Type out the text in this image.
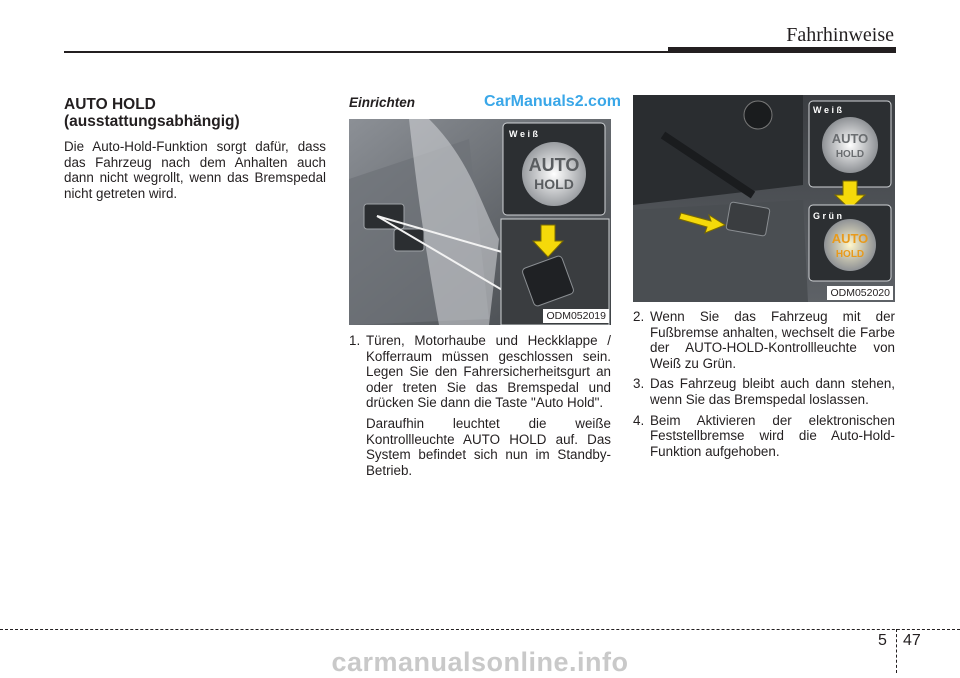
Fahrhinweise
AUTO HOLD
(ausstattungsabhängig)

Die Auto-Hold-Funktion sorgt dafür, dass das Fahrzeug nach dem Anhalten auch dann nicht wegrollt, wenn das Bremspedal nicht getreten wird.

Einrichten	CarManuals2.com
AUTO
HOLD
W e i ß
ODM052019
AUTO
HOLD
W e i ß
AUTO
HOLD
G r ü n
ODM052020
1. Türen, Motorhaube und Heckklappe / Kofferraum müssen geschlossen sein. Legen Sie den Fahrersicherheitsgurt an oder treten Sie das Bremspedal und drücken Sie dann die Taste "Auto Hold".
Daraufhin leuchtet die weiße Kontrollleuchte AUTO HOLD auf. Das System befindet sich nun im Standby-Betrieb.
2. Wenn Sie das Fahrzeug mit der Fußbremse anhalten, wechselt die Farbe der AUTO-HOLD-Kontrollleuchte von Weiß zu Grün.
3. Das Fahrzeug bleibt auch dann stehen, wenn Sie das Bremspedal loslassen.
4. Beim Aktivieren der elektronischen Feststellbremse wird die Auto-Hold-Funktion aufgehoben.
5 47
carmanualsonline.info
